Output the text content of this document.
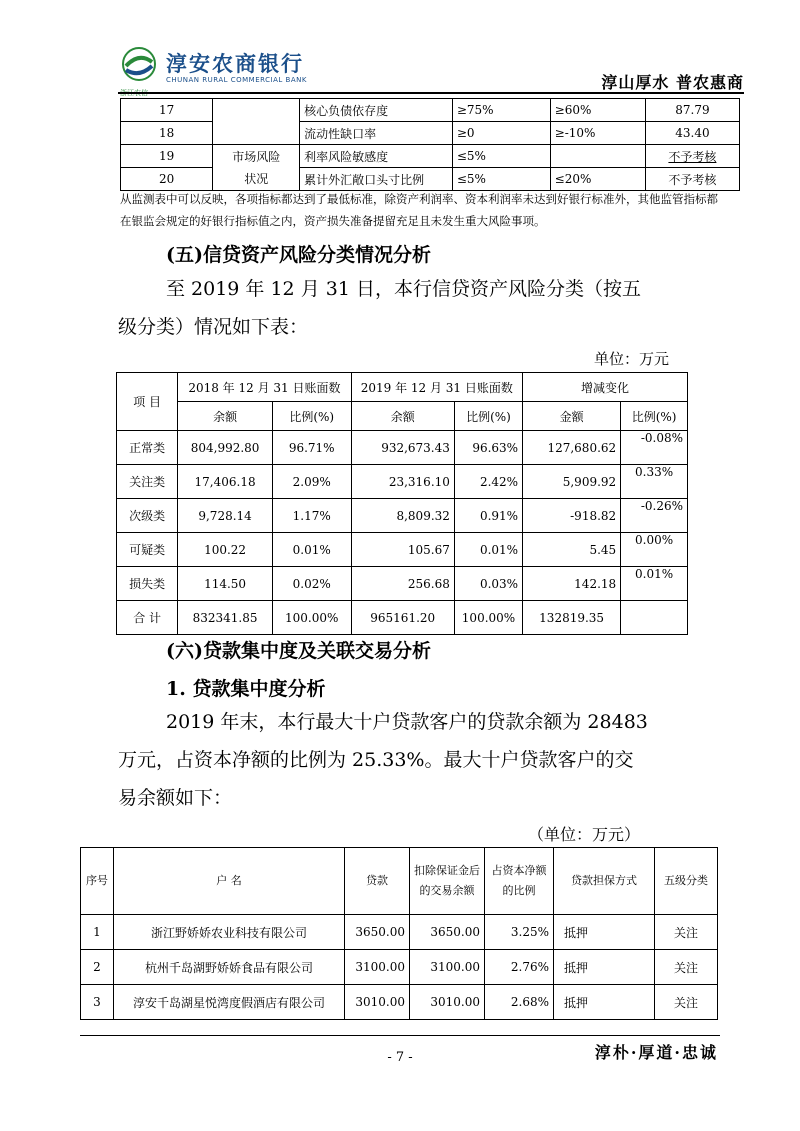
浙江农信
淳安农商银行
CHUNAN RURAL COMMERCIAL BANK	淳山厚水 普农惠商
17		核心负债依存度	≥75%	≥60%	87.79
18		流动性缺口率	≥0	≥-10%	43.40
19	市场风险	利率风险敏感度	≤5%		不予考核
20	状况	累计外汇敞口头寸比例	≤5%	≤20%	不予考核
从监测表中可以反映，各项指标都达到了最低标准，除资产利润率、资本利润率未达到好银行标准外，其他监管指标都在银监会规定的好银行指标值之内，资产损失准备提留充足且未发生重大风险事项。
(五)信贷资产风险分类情况分析
至 2019 年 12 月 31 日，本行信贷资产风险分类（按五
级分类）情况如下表：
单位：万元
项 目	2018 年 12 月 31 日账面数		2019 年 12 月 31 日账面数		增减变化	
	余额	比例(%)	余额	比例(%)	金额	比例(%)
正常类	804,992.80	96.71%	932,673.43	96.63%	127,680.62	-0.08%
关注类	17,406.18	2.09%	23,316.10	2.42%	5,909.92	0.33%
次级类	9,728.14	1.17%	8,809.32	0.91%	-918.82	-0.26%
可疑类	100.22	0.01%	105.67	0.01%	5.45	0.00%
损失类	114.50	0.02%	256.68	0.03%	142.18	0.01%
合 计	832341.85	100.00%	965161.20	100.00%	132819.35	
(六)贷款集中度及关联交易分析
1. 贷款集中度分析
2019 年末，本行最大十户贷款客户的贷款余额为 28483
万元，占资本净额的比例为 25.33%。最大十户贷款客户的交
易余额如下：
（单位：万元）
序号	户 名	贷款	扣除保证金后的交易余额	占资本净额的比例	贷款担保方式	五级分类
1	浙江野娇娇农业科技有限公司	3650.00	3650.00	3.25%	抵押	关注
2	杭州千岛湖野娇娇食品有限公司	3100.00	3100.00	2.76%	抵押	关注
3	淳安千岛湖星悦湾度假酒店有限公司	3010.00	3010.00	2.68%	抵押	关注
淳朴·厚道·忠诚
- 7 -
